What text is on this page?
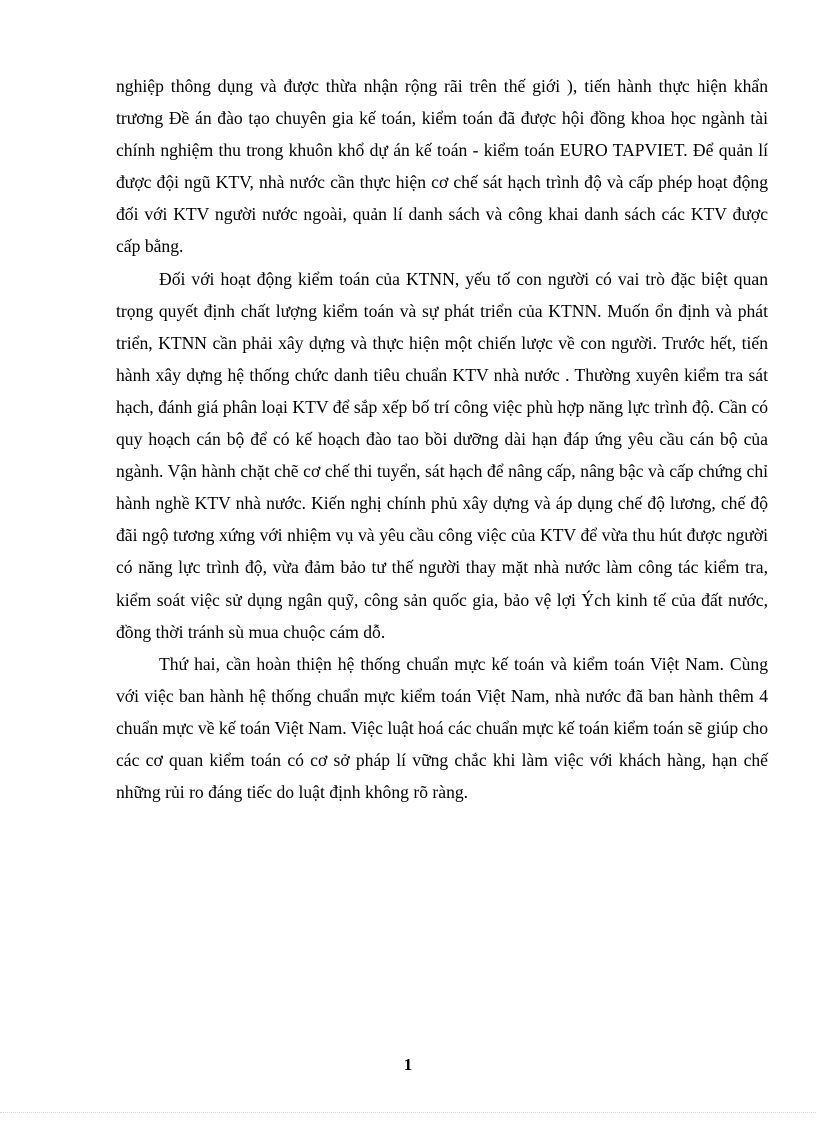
nghiệp thông dụng và được thừa nhận rộng rãi trên thế giới ), tiến hành thực hiện khẩn trương Đề án đào tạo chuyên gia kế toán, kiểm toán đã được hội đồng khoa học ngành tài chính nghiệm thu trong khuôn khổ dự án kế toán - kiểm toán EURO TAPVIET. Để quản lí được đội ngũ KTV, nhà nước cần thực hiện cơ chế sát hạch trình độ và cấp phép hoạt động đối với KTV người nước ngoài, quản lí danh sách và công khai danh sách các KTV được cấp bằng.

Đối với hoạt động kiểm toán của KTNN, yếu tố con người có vai trò đặc biệt quan trọng quyết định chất lượng kiểm toán và sự phát triển của KTNN. Muốn ổn định và phát triển, KTNN cần phải xây dựng và thực hiện một chiến lược về con người. Trước hết, tiến hành xây dựng hệ thống chức danh tiêu chuẩn KTV nhà nước . Thường xuyên kiểm tra sát hạch, đánh giá phân loại KTV để sắp xếp bố trí công việc phù hợp năng lực trình độ. Cần có quy hoạch cán bộ để có kế hoạch đào tao bồi dưỡng dài hạn đáp ứng yêu cầu cán bộ của ngành. Vận hành chặt chẽ cơ chế thi tuyển, sát hạch để nâng cấp, nâng bậc và cấp chứng chỉ hành nghề KTV nhà nước. Kiến nghị chính phủ xây dựng và áp dụng chế độ lương, chế độ đãi ngộ tương xứng với nhiệm vụ và yêu cầu công việc của KTV để vừa thu hút được người có năng lực trình độ, vừa đảm bảo tư thế người thay mặt nhà nước làm công tác kiểm tra, kiểm soát việc sử dụng ngân quỹ, công sản quốc gia, bảo vệ lợi Ých kinh tế của đất nước, đồng thời tránh sù mua chuộc cám dỗ.

Thứ hai, cần hoàn thiện hệ thống chuẩn mực kế toán và kiểm toán Việt Nam. Cùng với việc ban hành hệ thống chuẩn mực kiểm toán Việt Nam, nhà nước đã ban hành thêm 4 chuẩn mực về kế toán Việt Nam. Việc luật hoá các chuẩn mực kế toán kiểm toán sẽ giúp cho các cơ quan kiểm toán có cơ sở pháp lí vững chắc khi làm việc với khách hàng, hạn chế những rủi ro đáng tiếc do luật định không rõ ràng.

1
